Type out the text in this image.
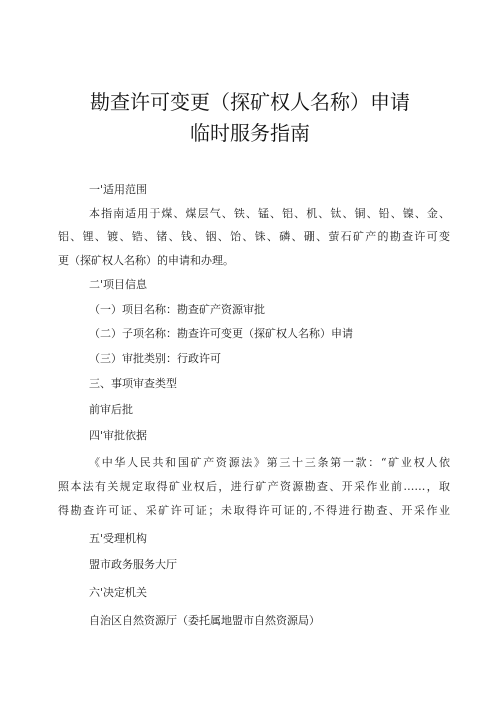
勘查许可变更（探矿权人名称）申请
临时服务指南
一'适用范围
本指南适用于煤、煤层气、铁、锰、铝、机、钛、铜、铅、镍、金、
铝、锂、镀、锆、锗、钱、铟、饴、铢、磷、硼、萤石矿产的勘查许可变
更（探矿权人名称）的申请和办理。
二'项目信息
（一）项目名称：勘查矿产资源审批
（二）子项名称：勘查许可变更（探矿权人名称）申请
（三）审批类别：行政许可
三、事项审查类型
前审后批
四'审批依据
《中华人民共和国矿产资源法》第三十三条第一款：“矿业权人依
照本法有关规定取得矿业权后，进行矿产资源勘查、开采作业前……，取
得勘查许可证、采矿许可证；未取得许可证的,不得进行勘查、开采作业
五'受理机构
盟市政务服务大厅
六'决定机关
自治区自然资源厅（委托属地盟市自然资源局）
